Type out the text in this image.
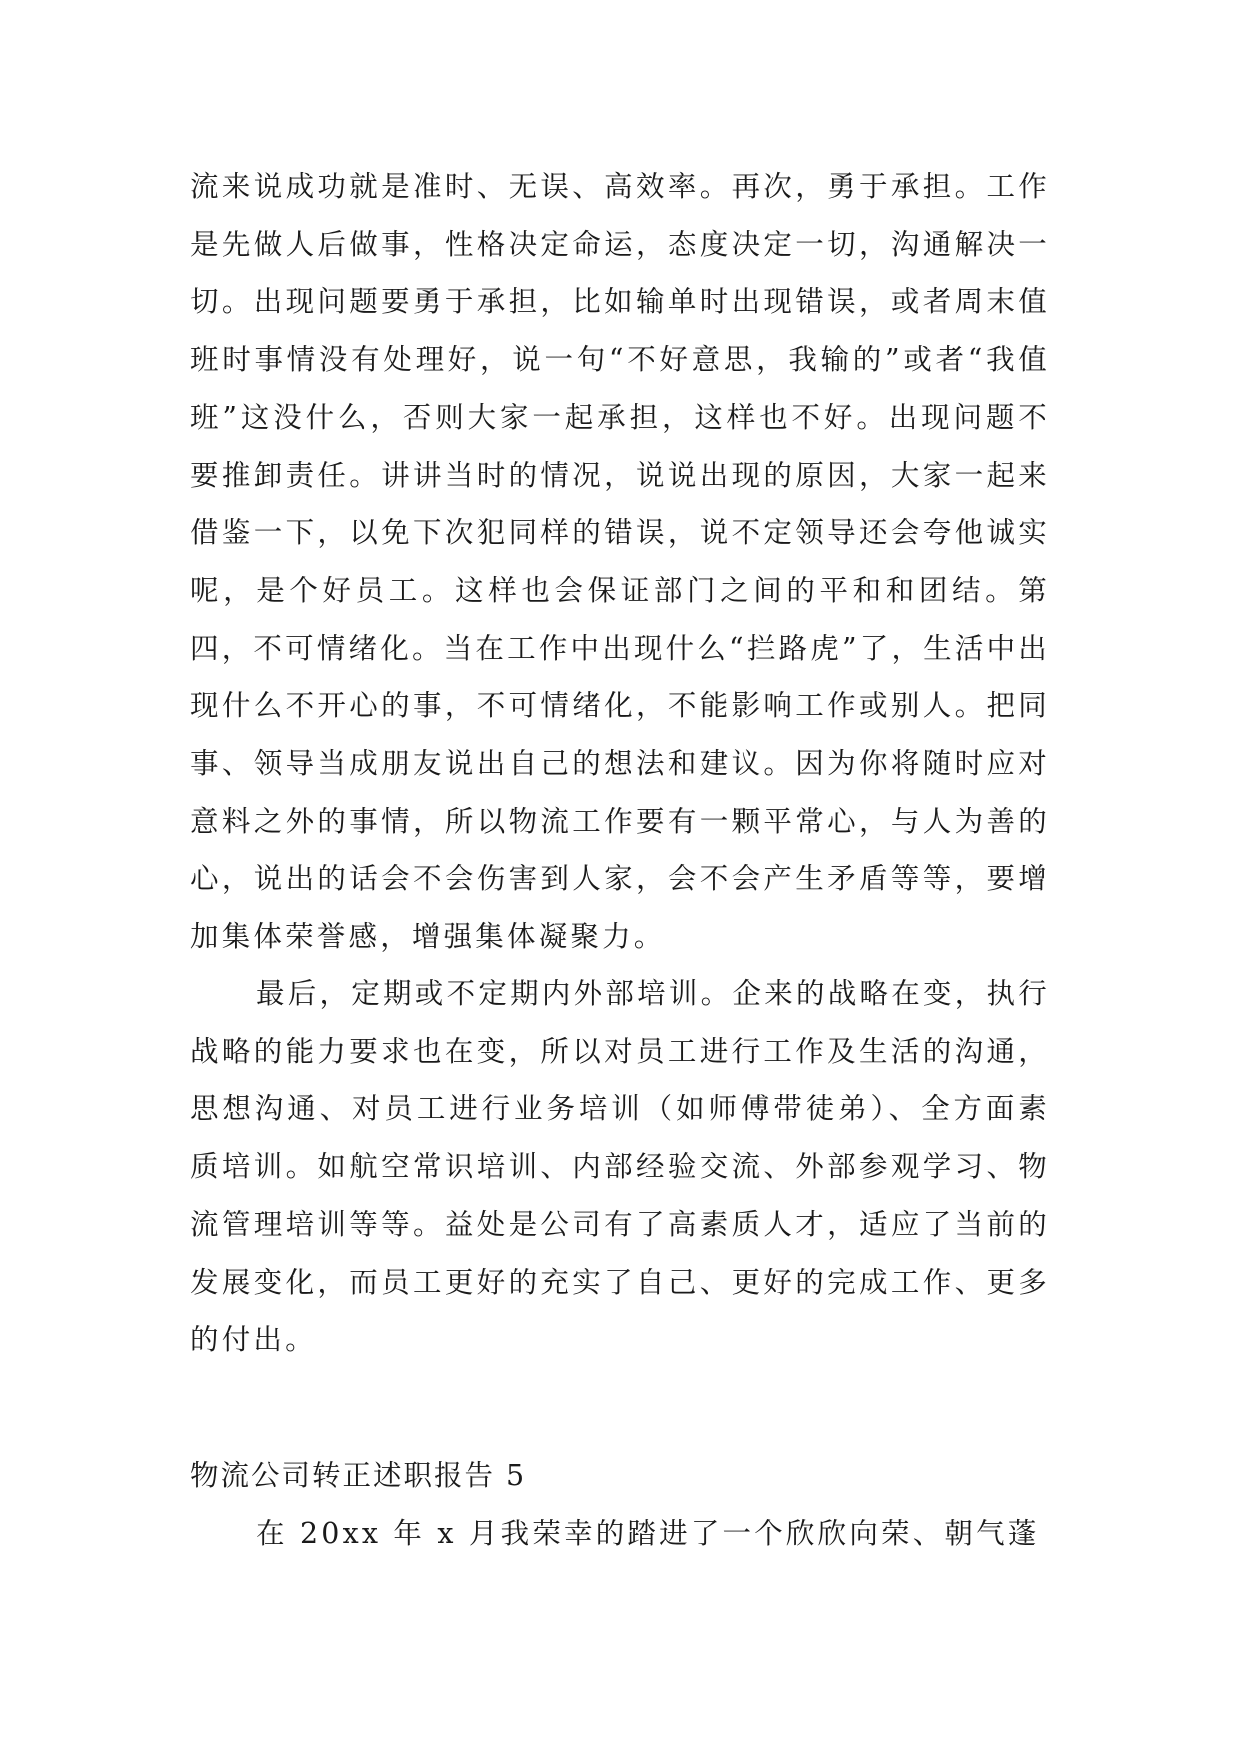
流来说成功就是准时、无误、高效率。再次，勇于承担。工作是先做人后做事，性格决定命运，态度决定一切，沟通解决一切。出现问题要勇于承担，比如输单时出现错误，或者周末值班时事情没有处理好，说一句“不好意思，我输的”或者“我值班”这没什么，否则大家一起承担，这样也不好。出现问题不要推卸责任。讲讲当时的情况，说说出现的原因，大家一起来借鉴一下，以免下次犯同样的错误，说不定领导还会夸他诚实呢，是个好员工。这样也会保证部门之间的平和和团结。第四，不可情绪化。当在工作中出现什么“拦路虎”了，生活中出现什么不开心的事，不可情绪化，不能影响工作或别人。把同事、领导当成朋友说出自己的想法和建议。因为你将随时应对意料之外的事情，所以物流工作要有一颗平常心，与人为善的心，说出的话会不会伤害到人家，会不会产生矛盾等等，要增加集体荣誉感，增强集体凝聚力。
最后，定期或不定期内外部培训。企来的战略在变，执行战略的能力要求也在变，所以对员工进行工作及生活的沟通，思想沟通、对员工进行业务培训（如师傅带徒弟）、全方面素质培训。如航空常识培训、内部经验交流、外部参观学习、物流管理培训等等。益处是公司有了高素质人才，适应了当前的发展变化，而员工更好的充实了自己、更好的完成工作、更多的付出。
物流公司转正述职报告 5
在 20xx 年 x 月我荣幸的踏进了一个欣欣向荣、朝气蓬
